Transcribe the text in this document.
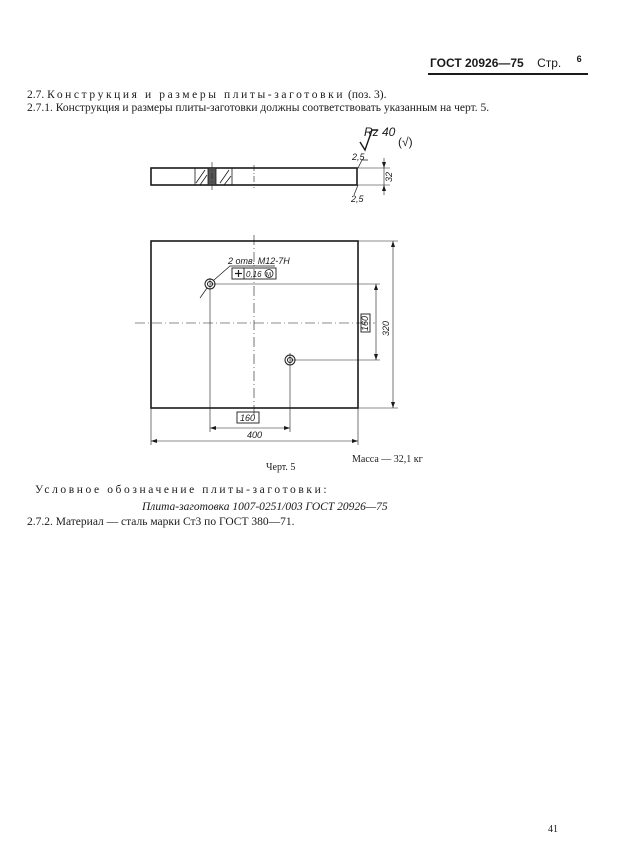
ГОСТ 20926—75 Стр. $^6$
2.7. Конструкция и размеры плиты-заготовки (поз. 3).
2.7.1. Конструкция и размеры плиты-заготовки должны соответствовать указанным на черт. 5.
Rz 40
(√)
2,5
2,5
32
2 отв. M12-7H
0,16 M
320
160
160
400
Масса — 32,1 кг
Черт. 5
Условное обозначение плиты-заготовки:
Плита-заготовка 1007-0251/003 ГОСТ 20926—75
2.7.2. Материал — сталь марки Ст3 по ГОСТ 380—71.
41
